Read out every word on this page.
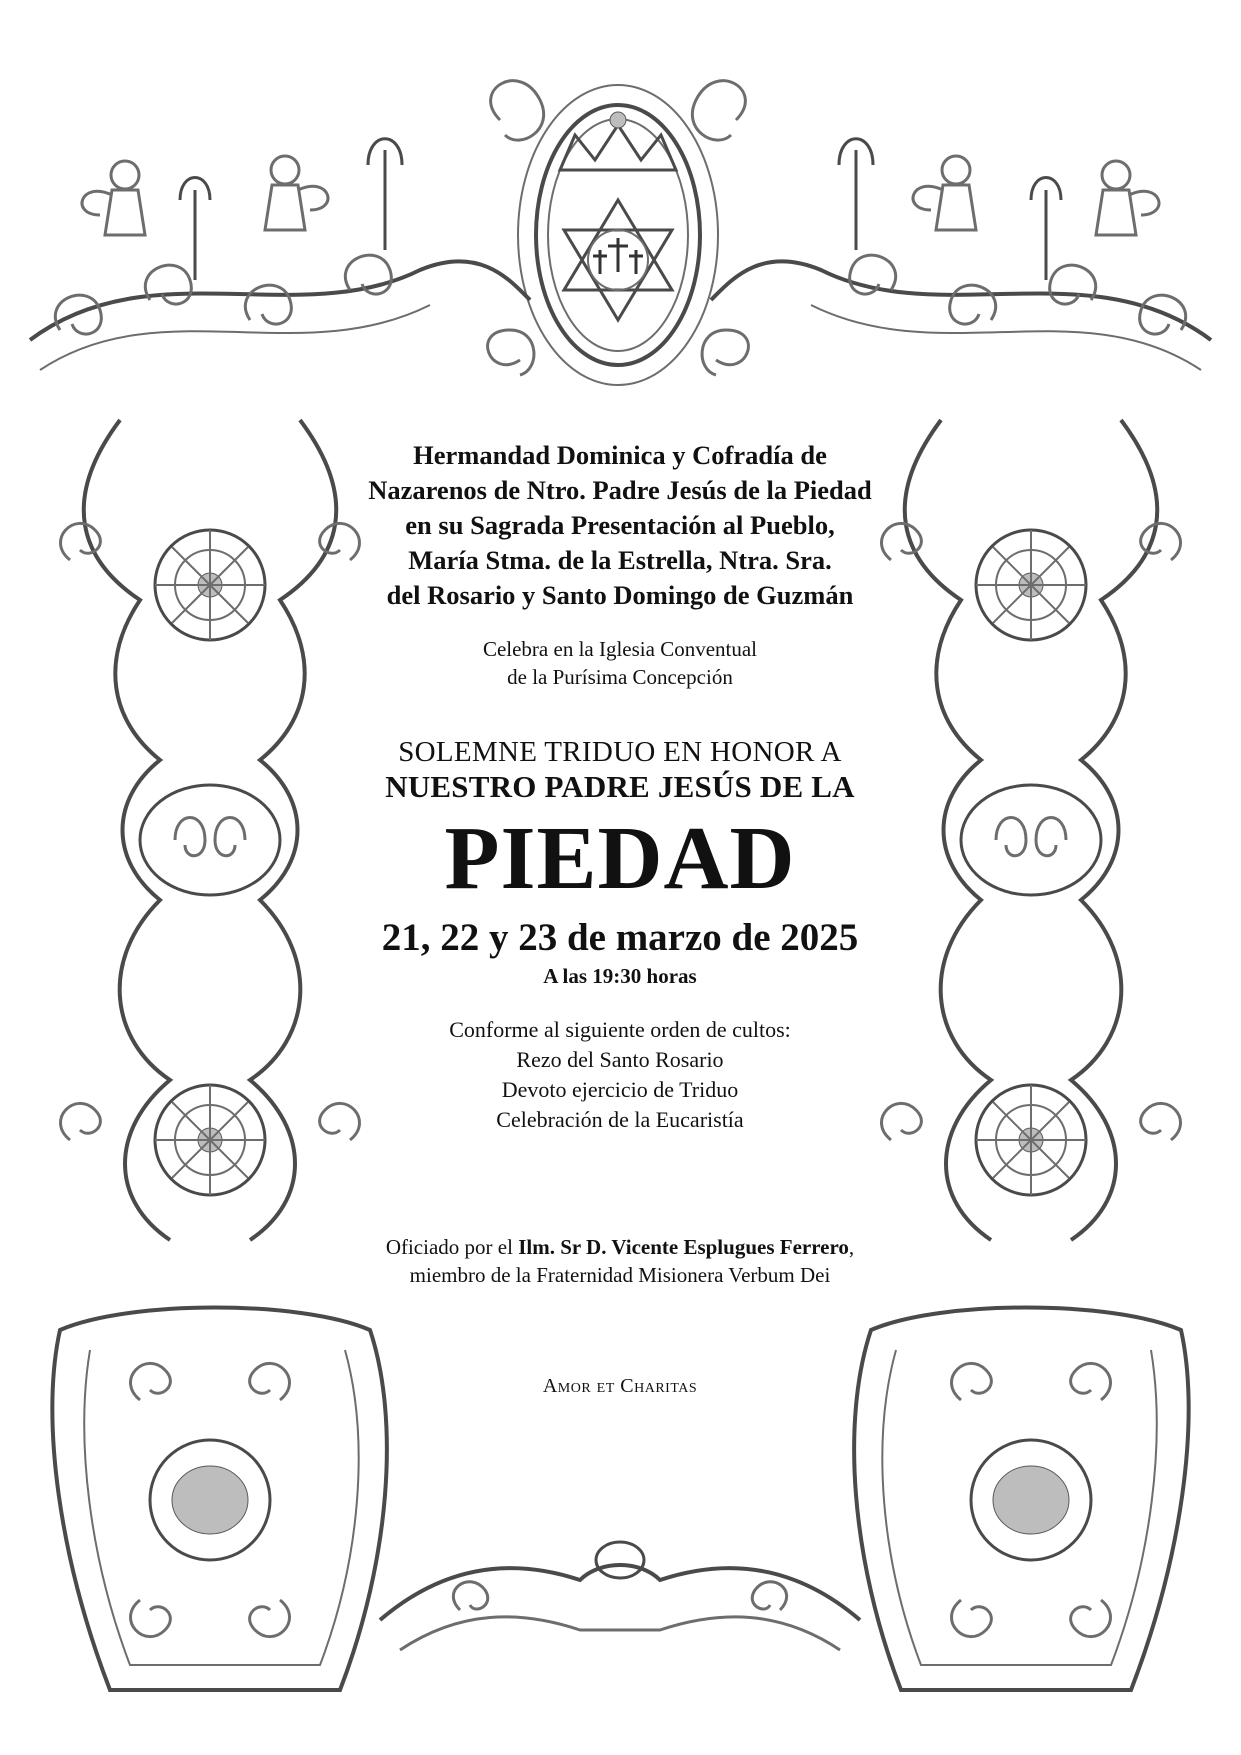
Hermandad Dominica y Cofradía de
Nazarenos de Ntro. Padre Jesús de la Piedad
en su Sagrada Presentación al Pueblo,
María Stma. de la Estrella, Ntra. Sra.
del Rosario y Santo Domingo de Guzmán
Celebra en la Iglesia Conventual
de la Purísima Concepción
SOLEMNE TRIDUO EN HONOR A
NUESTRO PADRE JESÚS DE LA
PIEDAD
21, 22 y 23 de marzo de 2025
A las 19:30 horas
Conforme al siguiente orden de cultos:
Rezo del Santo Rosario
Devoto ejercicio de Triduo
Celebración de la Eucaristía
Oficiado por el Ilm. Sr D. Vicente Esplugues Ferrero,
miembro de la Fraternidad Misionera Verbum Dei
Amor et Charitas
